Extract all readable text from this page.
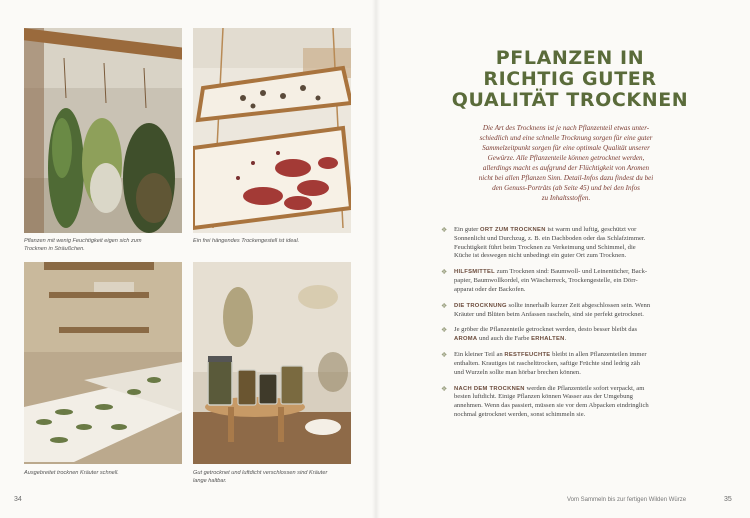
Pflanzen mit wenig Feuchtigkeit eigen sich zum
Trocknen in Sträußchen.
Ein frei hängendes Trockengestell ist ideal.
Ausgebreitet trocknen Kräuter schnell.	Gut getrocknet und luftdicht verschlossen sind Kräuter
lange haltbar.
34
PFLANZEN IN
RICHTIG GUTER
QUALITÄT TROCKNEN
Die Art des Trocknens ist je nach Pflanzenteil etwas unter-
schiedlich und eine schnelle Trocknung sorgen für eine guter
Sammelzeitpunkt sorgen für eine optimale Qualität unserer
Gewürze. Alle Pflanzenteile können getrocknet werden,
allerdings macht es aufgrund der Flüchtigkeit von Aromen
nicht bei allen Pflanzen Sinn. Detail-Infos dazu findest du bei
den Genuss-Porträts (ab Seite 45) und bei den Infos
zu Inhaltsstoffen.
❖ Ein guter ORT ZUM TROCKNEN ist warm und luftig, geschützt vor
Sonnenlicht und Durchzug, z. B. ein Dachboden oder das Schlafzimmer.
Feuchtigkeit führt beim Trocknen zu Verkeimung und Schimmel, die
Küche ist deswegen nicht unbedingt ein guter Ort zum Trocknen.
❖ HILFSMITTEL zum Trocknen sind: Baumwoll- und Leinentücher, Back-
papier, Baumwollkordel, ein Wäscherreck, Trockengestelle, ein Dörr-
apparat oder der Backofen.
❖ DIE TROCKNUNG sollte innerhalb kurzer Zeit abgeschlossen sein. Wenn
Kräuter und Blüten beim Anfassen rascheln, sind sie perfekt getrocknet.
❖ Je gröber die Pflanzenteile getrocknet werden, desto besser bleibt das
AROMA und auch die Farbe ERHALTEN.
❖ Ein kleiner Teil an RESTFEUCHTE bleibt in allen Pflanzenteilen immer
enthalten. Krautiges ist raschelttrocken, saftige Früchte sind ledrig zäh
und Wurzeln sollte man hörbar brechen können.
❖ NACH DEM TROCKNEN werden die Pflanzenteile sofort verpackt, am
besten luftdicht. Einige Pflanzen können Wasser aus der Umgebung
annehmen. Wenn das passiert, müssen sie vor dem Abpacken eindringlich
nochmal getrocknet werden, sonst schimmeln sie.
Vom Sammeln bis zur fertigen Wilden Würze	35
